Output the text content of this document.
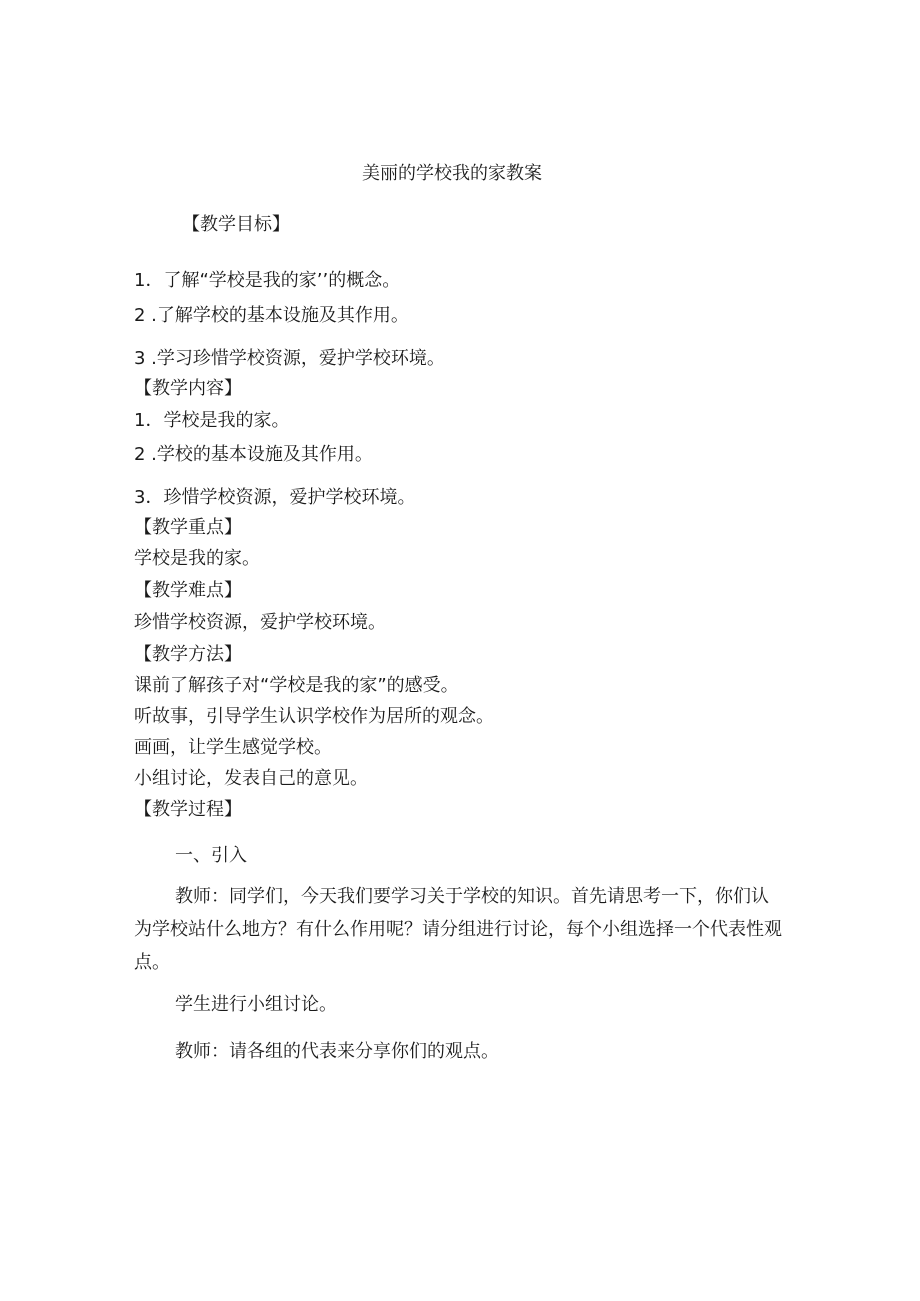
美丽的学校我的家教案
【教学目标】
1．了解“学校是我的家’’的概念。
2 .了解学校的基本设施及其作用。
3 .学习珍惜学校资源，爱护学校环境。
【教学内容】
1．学校是我的家。
2 .学校的基本设施及其作用。
3．珍惜学校资源，爱护学校环境。
【教学重点】
学校是我的家。
【教学难点】
珍惜学校资源，爱护学校环境。
【教学方法】
课前了解孩子对“学校是我的家”的感受。
听故事，引导学生认识学校作为居所的观念。
画画，让学生感觉学校。
小组讨论，发表自己的意见。
【教学过程】
一、引入
教师：同学们，今天我们要学习关于学校的知识。首先请思考一下，你们认为学校站什么地方？有什么作用呢？请分组进行讨论，每个小组选择一个代表性观点。
学生进行小组讨论。
教师：请各组的代表来分享你们的观点。
